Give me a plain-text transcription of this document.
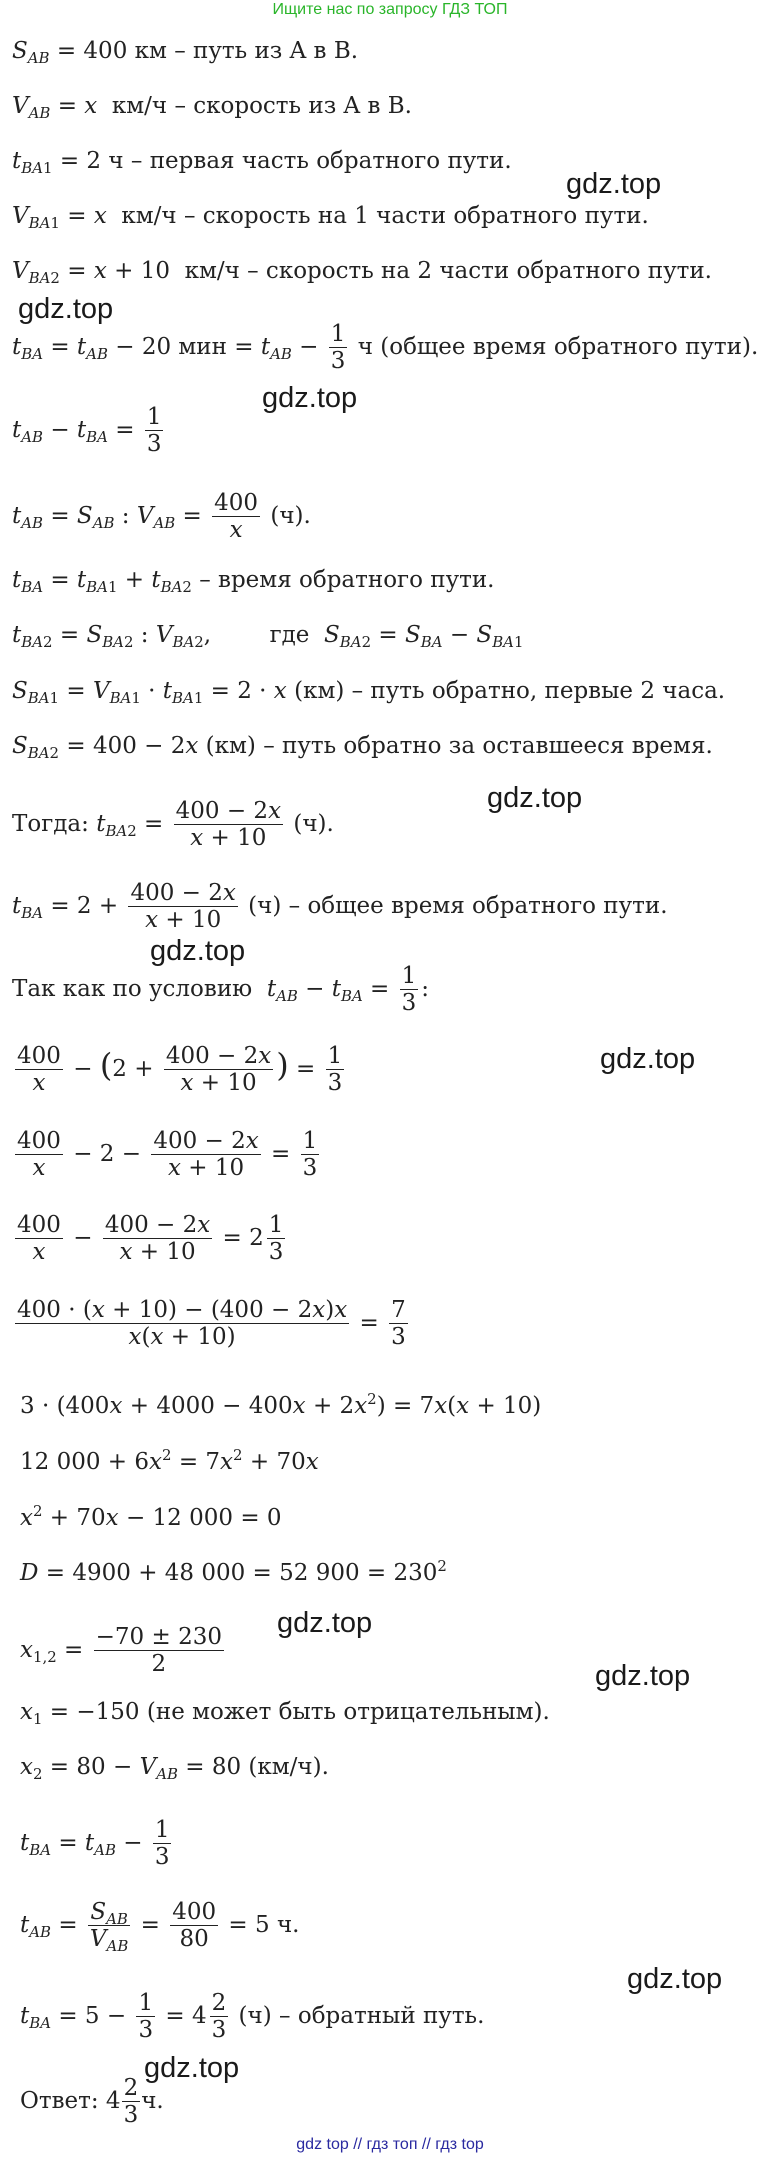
Ищите нас по запросу ГДЗ ТОП
gdz.top
gdz.top
gdz.top
gdz.top
gdz.top
gdz.top
gdz.top
gdz.top
gdz.top
gdz.top
$S_{AB} = 400$ км – путь из A в B.
$V_{AB} = x$  км/ч – скорость из A в B.
$t_{BA1} = 2$ ч – первая часть обратного пути.
$V_{BA1} = x$  км/ч – скорость на 1 части обратного пути.
$V_{BA2} = x + 10$  км/ч – скорость на 2 части обратного пути.
$t_{BA} = t_{AB} - 20$ мин = $t_{AB} - \frac{1}{3}$ ч (общее время обратного пути).
$t_{AB} - t_{BA} = \frac{1}{3}$
$t_{AB} = S_{AB}$ : $V_{AB} = \frac{400}{x} (ч)$.
$t_{BA} = t_{BA1} + t_{BA2}$ – время обратного пути.
$t_{BA2} = S_{BA2}$ : $V_{BA2}$,        где $S_{BA2} = S_{BA} - S_{BA1}$
$S_{BA1} = V_{BA1} \cdot t_{BA1} = 2 \cdot x$ (км) – путь обратно, первые 2 часа.
$S_{BA2} = 400 - 2x$ (км) – путь обратно за оставшееся время.
Тогда: $t_{BA2} = \frac{400 - 2x}{x + 10} (ч)$.
$t_{BA} = 2 + \frac{400 - 2x}{x + 10} (ч)$ – общее время обратного пути.
Так как по условию $t_{AB} - t_{BA} = \frac{1}{3}$ :
$\frac{400}{x} - (2 + \frac{400 - 2x}{x + 10}$ ) = $\frac{1}{3}$
$\frac{400}{x} - 2 - \frac{400 - 2x}{x + 10} = \frac{1}{3}$
$\frac{400}{x} - \frac{400 - 2x}{x + 10} = 2 \frac{1}{3}$
$\frac{400 \cdot (x + 10) - (400 - 2x)x}{x(x + 10)} = \frac{7}{3}$
$3 \cdot (400x + 4000 - 400x + 2x^2) = 7x(x + 10)$
12 $000 + 6x^2 = 7x^2 + 70x$
$x^2 + 70x - 12$ 000 = 0
D = 4900 + 48 000 = 52 $900 = 230^2$
$x_{1,2} = \frac{-70 \pm 230}{2}$
$x_1 = -150$ (не может быть отрицательным).
$x_2 = 80 - V_{AB} = 80$ (км/ч).
$t_{BA} = t_{AB} - \frac{1}{3}$
$t_{AB} = \frac{S_{AB}}{V_{AB}} = \frac{400}{80} = 5$ ч.
$t_{BA} = 5 - \frac{1}{3} = 4 \frac{2}{3} (ч)$ – обратный путь.
Ответ: $4 \frac{2}{3} ч$.
gdz top // гдз топ // гдз top
